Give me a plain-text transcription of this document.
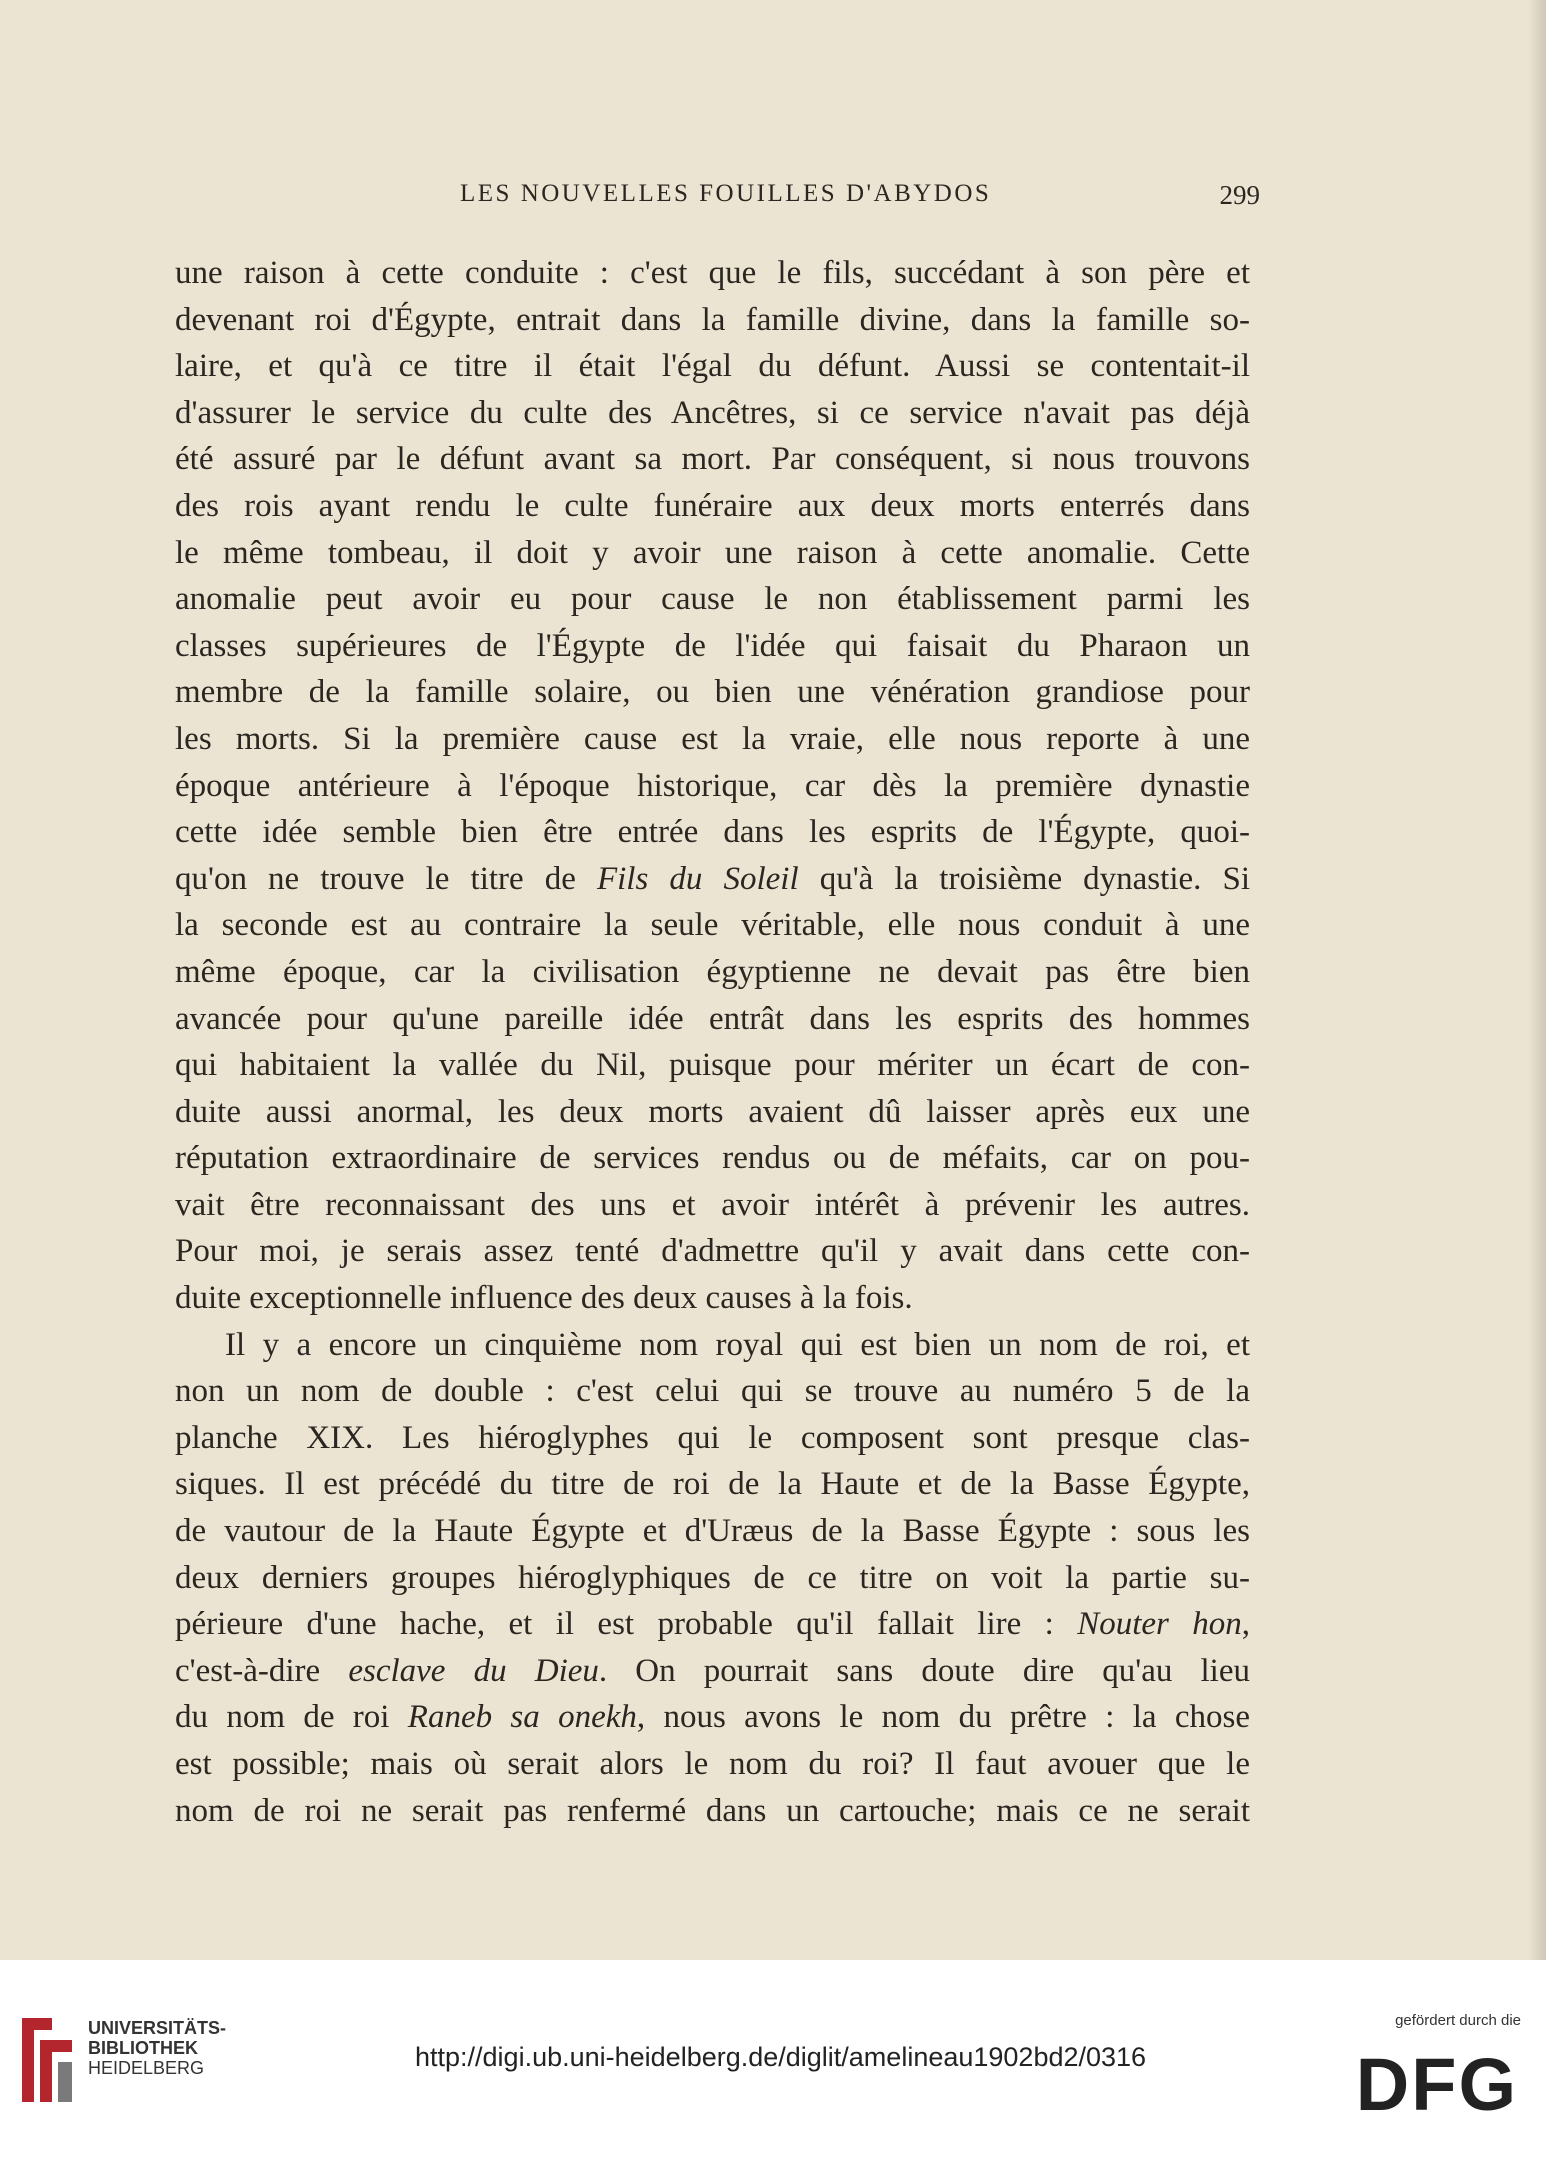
LES NOUVELLES FOUILLES D'ABYDOS	299
une raison à cette conduite : c'est que le fils, succédant à son père et
devenant roi d'Égypte, entrait dans la famille divine, dans la famille so-
laire, et qu'à ce titre il était l'égal du défunt. Aussi se contentait-il
d'assurer le service du culte des Ancêtres, si ce service n'avait pas déjà
été assuré par le défunt avant sa mort. Par conséquent, si nous trouvons
des rois ayant rendu le culte funéraire aux deux morts enterrés dans
le même tombeau, il doit y avoir une raison à cette anomalie. Cette
anomalie peut avoir eu pour cause le non établissement parmi les
classes supérieures de l'Égypte de l'idée qui faisait du Pharaon un
membre de la famille solaire, ou bien une vénération grandiose pour
les morts. Si la première cause est la vraie, elle nous reporte à une
époque antérieure à l'époque historique, car dès la première dynastie
cette idée semble bien être entrée dans les esprits de l'Égypte, quoi-
qu'on ne trouve le titre de Fils du Soleil qu'à la troisième dynastie. Si
la seconde est au contraire la seule véritable, elle nous conduit à une
même époque, car la civilisation égyptienne ne devait pas être bien
avancée pour qu'une pareille idée entrât dans les esprits des hommes
qui habitaient la vallée du Nil, puisque pour mériter un écart de con-
duite aussi anormal, les deux morts avaient dû laisser après eux une
réputation extraordinaire de services rendus ou de méfaits, car on pou-
vait être reconnaissant des uns et avoir intérêt à prévenir les autres.
Pour moi, je serais assez tenté d'admettre qu'il y avait dans cette con-
duite exceptionnelle influence des deux causes à la fois.
Il y a encore un cinquième nom royal qui est bien un nom de roi, et
non un nom de double : c'est celui qui se trouve au numéro 5 de la
planche XIX. Les hiéroglyphes qui le composent sont presque clas-
siques. Il est précédé du titre de roi de la Haute et de la Basse Égypte,
de vautour de la Haute Égypte et d'Uræus de la Basse Égypte : sous les
deux derniers groupes hiéroglyphiques de ce titre on voit la partie su-
périeure d'une hache, et il est probable qu'il fallait lire : Nouter hon,
c'est-à-dire esclave du Dieu. On pourrait sans doute dire qu'au lieu
du nom de roi Raneb sa onekh, nous avons le nom du prêtre : la chose
est possible; mais où serait alors le nom du roi? Il faut avouer que le
nom de roi ne serait pas renfermé dans un cartouche; mais ce ne serait
UNIVERSITÄTS-
BIBLIOTHEK
HEIDELBERG	http://digi.ub.uni-heidelberg.de/diglit/amelineau1902bd2/0316
gefördert durch die
DFG
